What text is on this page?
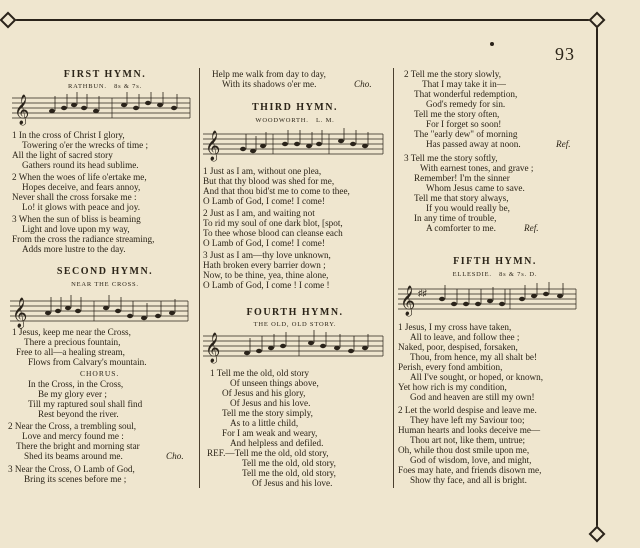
93
FIRST HYMN.
RATHBUN. 8s & 7s.
𝄞
1 In the cross of Christ I glory,
Towering o'er the wrecks of time ;
All the light of sacred story
Gathers round its head sublime.
2 When the woes of life o'ertake me,
Hopes deceive, and fears annoy,
Never shall the cross forsake me :
Lo! it glows with peace and joy.
3 When the sun of bliss is beaming
Light and love upon my way,
From the cross the radiance streaming,
Adds more lustre to the day.
SECOND HYMN.
NEAR THE CROSS.
𝄞
1 Jesus, keep me near the Cross,
There a precious fountain,
Free to all—a healing stream,
Flows from Calvary's mountain.
CHORUS.
In the Cross, in the Cross,
Be my glory ever ;
Till my raptured soul shall find
Rest beyond the river.
2 Near the Cross, a trembling soul,
Love and mercy found me :
There the bright and morning star
Shed its beams around me.	Cho.
3 Near the Cross, O Lamb of God,
Bring its scenes before me ;
Help me walk from day to day,
With its shadows o'er me.	Cho.
THIRD HYMN.
WOODWORTH. L. M.
𝄞
1 Just as I am, without one plea,
But that thy blood was shed for me,
And that thou bid'st me to come to thee,
O Lamb of God, I come! I come!
2 Just as I am, and waiting not
To rid my soul of one dark blot, [spot,
To thee whose blood can cleanse each
O Lamb of God, I come! I come!
3 Just as I am—thy love unknown,
Hath broken every barrier down ;
Now, to be thine, yea, thine alone,
O Lamb of God, I come ! I come !
FOURTH HYMN.
THE OLD, OLD STORY.
𝄞
1 Tell me the old, old story
Of unseen things above,
Of Jesus and his glory,
Of Jesus and his love.
Tell me the story simply,
As to a little child,
For I am weak and weary,
And helpless and defiled.
REF.—Tell me the old, old story,
Tell me the old, old story,
Tell me the old, old story,
Of Jesus and his love.
2 Tell me the story slowly,
That I may take it in—
That wonderful redemption,
God's remedy for sin.
Tell me the story often,
For I forget so soon!
The "early dew" of morning
Has passed away at noon.	Ref.
3 Tell me the story softly,
With earnest tones, and grave ;
Remember! I'm the sinner
Whom Jesus came to save.
Tell me that story always,
If you would really be,
In any time of trouble,
A comforter to me.	Ref.
FIFTH HYMN.
ELLESDIE. 8s & 7s. D.
𝄞 ♯♯
1 Jesus, I my cross have taken,
All to leave, and follow thee ;
Naked, poor, despised, forsaken,
Thou, from hence, my all shalt be!
Perish, every fond ambition,
All I've sought, or hoped, or known,
Yet how rich is my condition,
God and heaven are still my own!
2 Let the world despise and leave me.
They have left my Saviour too;
Human hearts and looks deceive me—
Thou art not, like them, untrue;
Oh, while thou dost smile upon me,
God of wisdom, love, and might,
Foes may hate, and friends disown me,
Show thy face, and all is bright.
